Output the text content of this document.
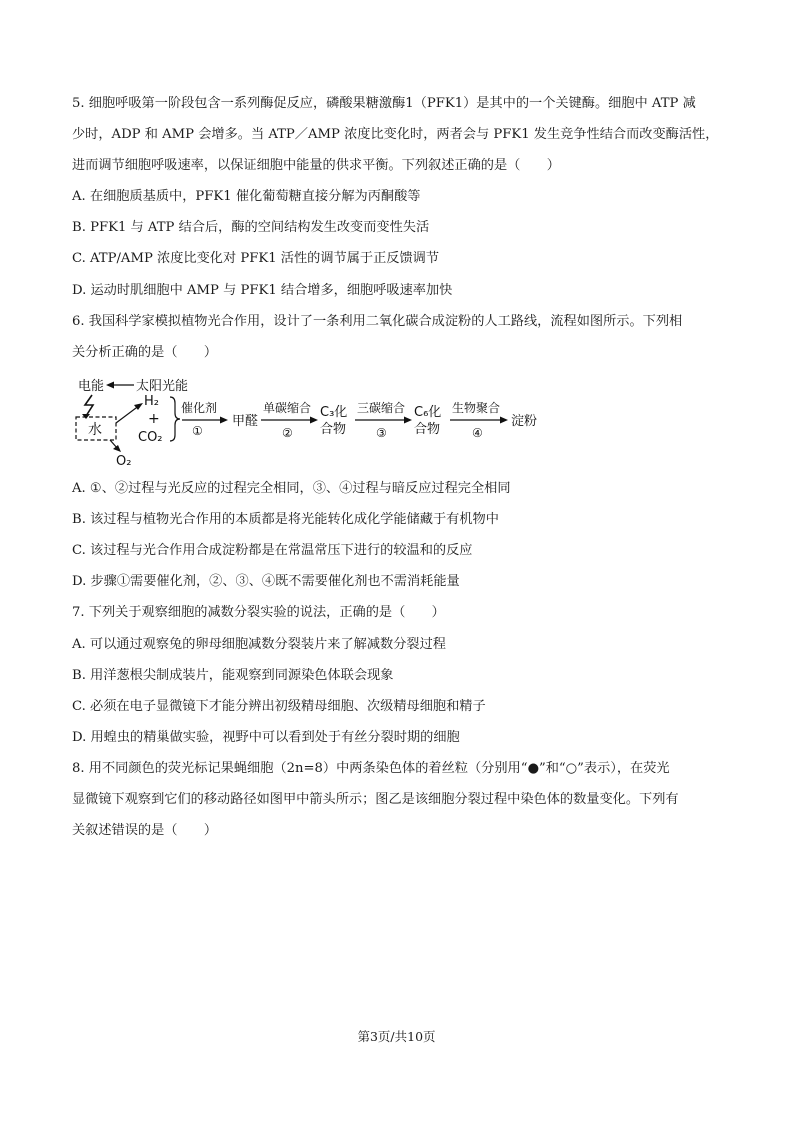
5. 细胞呼吸第一阶段包含一系列酶促反应，磷酸果糖激酶1（PFK1）是其中的一个关键酶。细胞中 ATP 减
少时，ADP 和 AMP 会增多。当 ATP／AMP 浓度比变化时，两者会与 PFK1 发生竞争性结合而改变酶活性，
进而调节细胞呼吸速率，以保证细胞中能量的供求平衡。下列叙述正确的是（　　）
A. 在细胞质基质中，PFK1 催化葡萄糖直接分解为丙酮酸等
B. PFK1 与 ATP 结合后，酶的空间结构发生改变而变性失活
C. ATP/AMP 浓度比变化对 PFK1 活性的调节属于正反馈调节
D. 运动时肌细胞中 AMP 与 PFK1 结合增多，细胞呼吸速率加快
6. 我国科学家模拟植物光合作用，设计了一条利用二氧化碳合成淀粉的人工路线，流程如图所示。下列相
关分析正确的是（　　）
电能 太阳光能
水
O₂
H₂
+
CO₂
催化剂
①
甲醛
单碳缩合
②
C₃化
合物
三碳缩合
③
C₆化
合物
生物聚合
④
淀粉
A. ①、②过程与光反应的过程完全相同，③、④过程与暗反应过程完全相同
B. 该过程与植物光合作用的本质都是将光能转化成化学能储藏于有机物中
C. 该过程与光合作用合成淀粉都是在常温常压下进行的较温和的反应
D. 步骤①需要催化剂，②、③、④既不需要催化剂也不需消耗能量
7. 下列关于观察细胞的减数分裂实验的说法，正确的是（　　）
A. 可以通过观察兔的卵母细胞减数分裂装片来了解减数分裂过程
B. 用洋葱根尖制成装片，能观察到同源染色体联会现象
C. 必须在电子显微镜下才能分辨出初级精母细胞、次级精母细胞和精子
D. 用蝗虫的精巢做实验，视野中可以看到处于有丝分裂时期的细胞
8. 用不同颜色的荧光标记果蝇细胞（2n=8）中两条染色体的着丝粒（分别用“●”和“○”表示），在荧光
显微镜下观察到它们的移动路径如图甲中箭头所示；图乙是该细胞分裂过程中染色体的数量变化。下列有
关叙述错误的是（　　）
第3页/共10页
